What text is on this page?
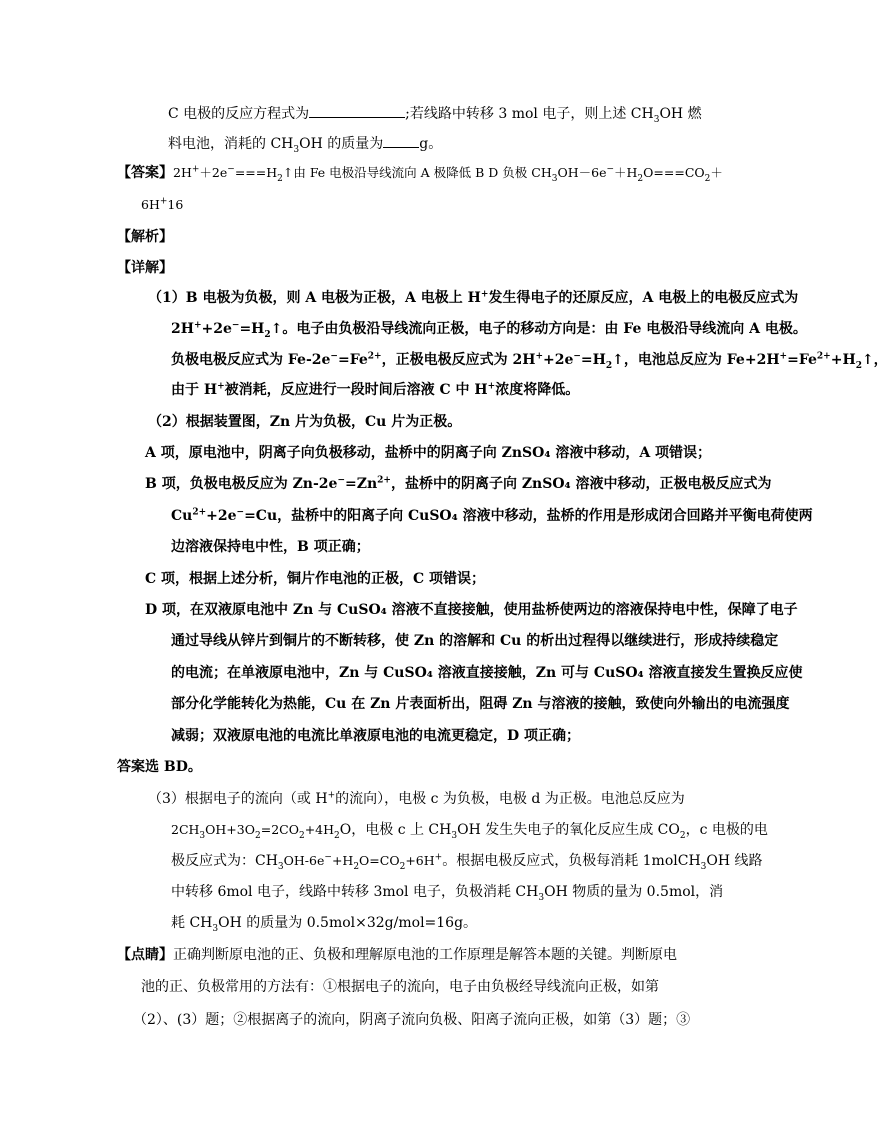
C 电极的反应方程式为	;若线路中转移 3 mol 电子，则上述 $CH_3OH$ 燃
料电池，消耗的 $CH_3OH$ 的质量为	g。
【答案】$2H^++2e^-===H_2↑$由 Fe 电极沿导线流向 A 极降低 B D 负极 $CH_3OH-6e^-+H_2O===CO_2+$
6H+16
【解析】
【详解】
（1）B 电极为负极，则 A 电极为正极，A 电极上 H+发生得电子的还原反应，A 电极上的电极反应式为
$2H^++2e^-=H_2↑$。电子由负极沿导线流向正极，电子的移动方向是：由 Fe 电极沿导线流向 A 电极。
负极电极反应式为 $Fe-2e^-=Fe^{2+}$，正极电极反应式为 $2H^++2e^-=H_2↑$，电池总反应为 $Fe+2H^+=Fe^{2+}+H_2↑$，
由于 H+被消耗，反应进行一段时间后溶液 C 中 H+浓度将降低。
（2）根据装置图，Zn 片为负极，Cu 片为正极。
A 项，原电池中，阴离子向负极移动，盐桥中的阴离子向 ZnSO₄ 溶液中移动，A 项错误；
B 项，负极电极反应为 $Zn-2e^-=Zn^{2+}$，盐桥中的阴离子向 ZnSO₄ 溶液中移动，正极电极反应式为
$Cu^{2+}+2e^-=Cu$，盐桥中的阳离子向 CuSO₄ 溶液中移动，盐桥的作用是形成闭合回路并平衡电荷使两
边溶液保持电中性，B 项正确；
C 项，根据上述分析，铜片作电池的正极，C 项错误；
D 项，在双液原电池中 Zn 与 CuSO₄ 溶液不直接接触，使用盐桥使两边的溶液保持电中性，保障了电子
通过导线从锌片到铜片的不断转移，使 Zn 的溶解和 Cu 的析出过程得以继续进行，形成持续稳定
的电流；在单液原电池中，Zn 与 CuSO₄ 溶液直接接触，Zn 可与 CuSO₄ 溶液直接发生置换反应使
部分化学能转化为热能，Cu 在 Zn 片表面析出，阻碍 Zn 与溶液的接触，致使向外输出的电流强度
减弱；双液原电池的电流比单液原电池的电流更稳定，D 项正确；
答案选 BD。
（3）根据电子的流向（或 H+的流向），电极 c 为负极，电极 d 为正极。电池总反应为
$2CH_3OH+3O_2=2CO_2+4H_2O$，电极 c 上 $CH_3OH$ 发生失电子的氧化反应生成 $CO_2$，c 电极的电
极反应式为：$CH_3OH-6e^-+H_2O=CO_2+6H^+$。根据电极反应式，负极每消耗 1molCH$_3$OH 线路
中转移 6mol 电子，线路中转移 3mol 电子，负极消耗 $CH_3OH$ 物质的量为 0.5mol，消
耗 $CH_3OH$ 的质量为 0.5mol×32g/mol=16g。
【点睛】正确判断原电池的正、负极和理解原电池的工作原理是解答本题的关键。判断原电
池的正、负极常用的方法有：①根据电子的流向，电子由负极经导线流向正极，如第
（2）、(3）题；②根据离子的流向，阴离子流向负极、阳离子流向正极，如第（3）题；③
